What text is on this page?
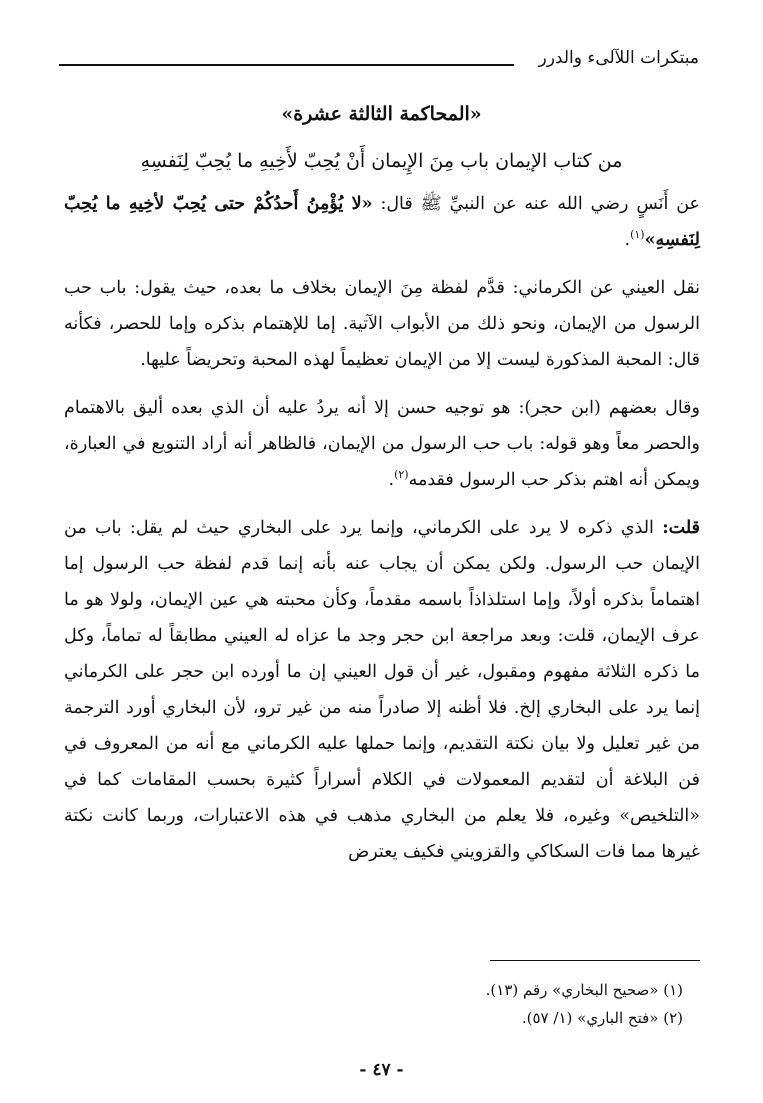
مبتكرات اللآلىء والدرر
«المحاكمة الثالثة عشرة»
من كتاب الإيمان باب مِنَ الإِيمان أَنْ يُحِبّ لأَخِيهِ ما يُحِبّ لِنَفسِهِ

عن أَنَسٍ رضي الله عنه عن النبيِّ ﷺ قال: «لا يُؤْمِنُ أَحدُكُمْ حتى يُحِبّ لأخِيهِ ما يُحِبّ لِنَفسِهِ»$^{(١)}$.

نقل العيني عن الكرماني: قدَّم لفظة مِنَ الإيمان بخلاف ما بعده، حيث يقول: باب حب الرسول من الإيمان، ونحو ذلك من الأبواب الآتية. إما للإهتمام بذكره وإما للحصر، فكأنه قال: المحبة المذكورة ليست إلا من الإيمان تعظيماً لهذه المحبة وتحريضاً عليها.

وقال بعضهم (ابن حجر): هو توجيه حسن إلا أنه يردُ عليه أن الذي بعده أليق بالاهتمام والحصر معاً وهو قوله: باب حب الرسول من الإيمان، فالظاهر أنه أراد التنويع في العبارة، ويمكن أنه اهتم بذكر حب الرسول فقدمه$^{(٢)}$.

قلت: الذي ذكره لا يرد على الكرماني، وإنما يرد على البخاري حيث لم يقل: باب من الإيمان حب الرسول. ولكن يمكن أن يجاب عنه بأنه إنما قدم لفظة حب الرسول إما اهتماماً بذكره أولاً، وإما استلذاذاً باسمه مقدماً، وكأن محبته هي عين الإيمان، ولولا هو ما عرف الإيمان، قلت: وبعد مراجعة ابن حجر وجد ما عزاه له العيني مطابقاً له تماماً، وكل ما ذكره الثلاثة مفهوم ومقبول، غير أن قول العيني إن ما أورده ابن حجر على الكرماني إنما يرد على البخاري إلخ. فلا أظنه إلا صادراً منه من غير ترو، لأن البخاري أورد الترجمة من غير تعليل ولا بيان نكتة التقديم، وإنما حملها عليه الكرماني مع أنه من المعروف في فن البلاغة أن لتقديم المعمولات في الكلام أسراراً كثيرة بحسب المقامات كما في «التلخيص» وغيره، فلا يعلم من البخاري مذهب في هذه الاعتبارات، وربما كانت نكتة غيرها مما فات السكاكي والقزويني فكيف يعترض

(١) «صحيح البخاري» رقم (١٣).

(٢) «فتح الباري» (١/ ٥٧).

- ٤٧ -
